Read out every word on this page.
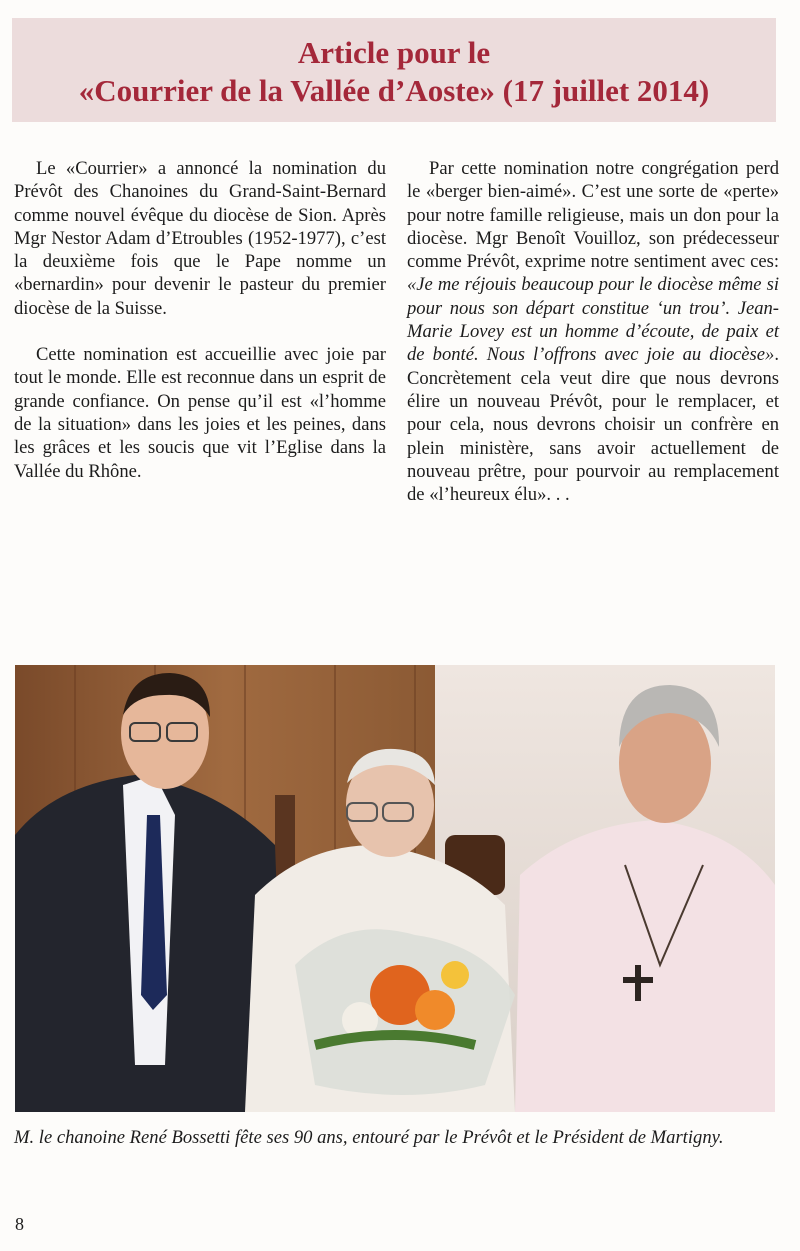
Article pour le
«Courrier de la Vallée d’Aoste» (17 juillet 2014)

Le «Courrier» a annoncé la nomination du Prévôt des Chanoines du Grand-Saint-Bernard comme nouvel évêque du diocèse de Sion. Après Mgr Nestor Adam d’Etroubles (1952-1977), c’est la deuxième fois que le Pape nomme un «bernardin» pour devenir le pasteur du premier diocèse de la Suisse.

Cette nomination est accueillie avec joie par tout le monde. Elle est reconnue dans un esprit de grande confiance. On pense qu’il est «l’homme de la situation» dans les joies et les peines, dans les grâces et les soucis que vit l’Eglise dans la Vallée du Rhône.

Par cette nomination notre congrégation perd le «berger bien-aimé». C’est une sorte de «perte» pour notre famille religieuse, mais un don pour la diocèse. Mgr Benoît Vouilloz, son prédecesseur comme Prévôt, exprime notre sentiment avec ces: «Je me réjouis beaucoup pour le diocèse même si pour nous son départ constitue ‘un trou’. Jean-Marie Lovey est un homme d’écoute, de paix et de bonté. Nous l’offrons avec joie au diocèse». Concrètement cela veut dire que nous devrons élire un nouveau Prévôt, pour le remplacer, et pour cela, nous devrons choisir un confrère en plein ministère, sans avoir actuellement de nouveau prêtre, pour pourvoir au remplacement de «l’heureux élu». . .

M. le chanoine René Bossetti fête ses 90 ans, entouré par le Prévôt et le Président de Martigny.

8
